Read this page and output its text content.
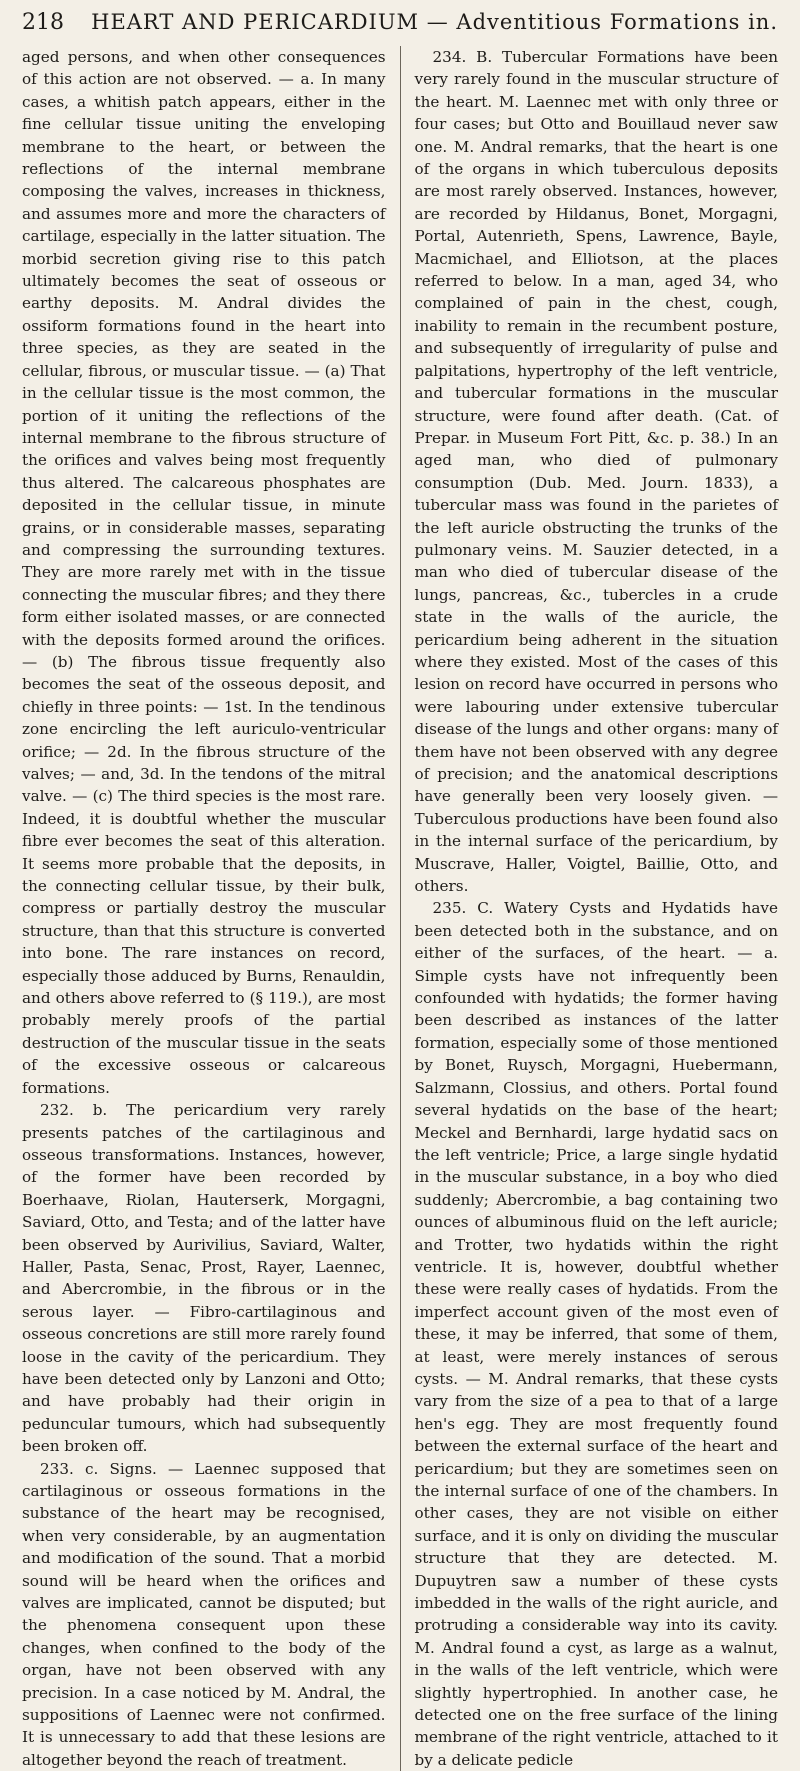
218 HEART AND PERICARDIUM — Adventitious Formations in.

aged persons, and when other consequences of this action are not observed. — a. In many cases, a whitish patch appears, either in the fine cellular tissue uniting the enveloping membrane to the heart, or between the reflections of the internal membrane composing the valves, increases in thickness, and assumes more and more the characters of cartilage, especially in the latter situation. The morbid secretion giving rise to this patch ultimately becomes the seat of osseous or earthy deposits. M. Andral divides the ossiform formations found in the heart into three species, as they are seated in the cellular, fibrous, or muscular tissue. — (a) That in the cellular tissue is the most common, the portion of it uniting the reflections of the internal membrane to the fibrous structure of the orifices and valves being most frequently thus altered. The calcareous phosphates are deposited in the cellular tissue, in minute grains, or in considerable masses, separating and compressing the surrounding textures. They are more rarely met with in the tissue connecting the muscular fibres; and they there form either isolated masses, or are connected with the deposits formed around the orifices. — (b) The fibrous tissue frequently also becomes the seat of the osseous deposit, and chiefly in three points: — 1st. In the tendinous zone encircling the left auriculo-ventricular orifice; — 2d. In the fibrous structure of the valves; — and, 3d. In the tendons of the mitral valve. — (c) The third species is the most rare. Indeed, it is doubtful whether the muscular fibre ever becomes the seat of this alteration. It seems more probable that the deposits, in the connecting cellular tissue, by their bulk, compress or partially destroy the muscular structure, than that this structure is converted into bone. The rare instances on record, especially those adduced by Burns, Renauldin, and others above referred to (§ 119.), are most probably merely proofs of the partial destruction of the muscular tissue in the seats of the excessive osseous or calcareous formations.

232. b. The pericardium very rarely presents patches of the cartilaginous and osseous transformations. Instances, however, of the former have been recorded by Boerhaave, Riolan, Hauterserk, Morgagni, Saviard, Otto, and Testa; and of the latter have been observed by Aurivilius, Saviard, Walter, Haller, Pasta, Senac, Prost, Rayer, Laennec, and Abercrombie, in the fibrous or in the serous layer. — Fibro-cartilaginous and osseous concretions are still more rarely found loose in the cavity of the pericardium. They have been detected only by Lanzoni and Otto; and have probably had their origin in peduncular tumours, which had subsequently been broken off.

233. c. Signs. — Laennec supposed that cartilaginous or osseous formations in the substance of the heart may be recognised, when very considerable, by an augmentation and modification of the sound. That a morbid sound will be heard when the orifices and valves are implicated, cannot be disputed; but the phenomena consequent upon these changes, when confined to the body of the organ, have not been observed with any precision. In a case noticed by M. Andral, the suppositions of Laennec were not confirmed. It is unnecessary to add that these lesions are altogether beyond the reach of treatment.

234. B. Tubercular Formations have been very rarely found in the muscular structure of the heart. M. Laennec met with only three or four cases; but Otto and Bouillaud never saw one. M. Andral remarks, that the heart is one of the organs in which tuberculous deposits are most rarely observed. Instances, however, are recorded by Hildanus, Bonet, Morgagni, Portal, Autenrieth, Spens, Lawrence, Bayle, Macmichael, and Elliotson, at the places referred to below. In a man, aged 34, who complained of pain in the chest, cough, inability to remain in the recumbent posture, and subsequently of irregularity of pulse and palpitations, hypertrophy of the left ventricle, and tubercular formations in the muscular structure, were found after death. (Cat. of Prepar. in Museum Fort Pitt, &c. p. 38.) In an aged man, who died of pulmonary consumption (Dub. Med. Journ. 1833), a tubercular mass was found in the parietes of the left auricle obstructing the trunks of the pulmonary veins. M. Sauzier detected, in a man who died of tubercular disease of the lungs, pancreas, &c., tubercles in a crude state in the walls of the auricle, the pericardium being adherent in the situation where they existed. Most of the cases of this lesion on record have occurred in persons who were labouring under extensive tubercular disease of the lungs and other organs: many of them have not been observed with any degree of precision; and the anatomical descriptions have generally been very loosely given. — Tuberculous productions have been found also in the internal surface of the pericardium, by Muscrave, Haller, Voigtel, Baillie, Otto, and others.

235. C. Watery Cysts and Hydatids have been detected both in the substance, and on either of the surfaces, of the heart. — a. Simple cysts have not infrequently been confounded with hydatids; the former having been described as instances of the latter formation, especially some of those mentioned by Bonet, Ruysch, Morgagni, Huebermann, Salzmann, Clossius, and others. Portal found several hydatids on the base of the heart; Meckel and Bernhardi, large hydatid sacs on the left ventricle; Price, a large single hydatid in the muscular substance, in a boy who died suddenly; Abercrombie, a bag containing two ounces of albuminous fluid on the left auricle; and Trotter, two hydatids within the right ventricle. It is, however, doubtful whether these were really cases of hydatids. From the imperfect account given of the most even of these, it may be inferred, that some of them, at least, were merely instances of serous cysts. — M. Andral remarks, that these cysts vary from the size of a pea to that of a large hen's egg. They are most frequently found between the external surface of the heart and pericardium; but they are sometimes seen on the internal surface of one of the chambers. In other cases, they are not visible on either surface, and it is only on dividing the muscular structure that they are detected. M. Dupuytren saw a number of these cysts imbedded in the walls of the right auricle, and protruding a considerable way into its cavity. M. Andral found a cyst, as large as a walnut, in the walls of the left ventricle, which were slightly hypertrophied. In another case, he detected one on the free surface of the lining membrane of the right ventricle, attached to it by a delicate pedicle
